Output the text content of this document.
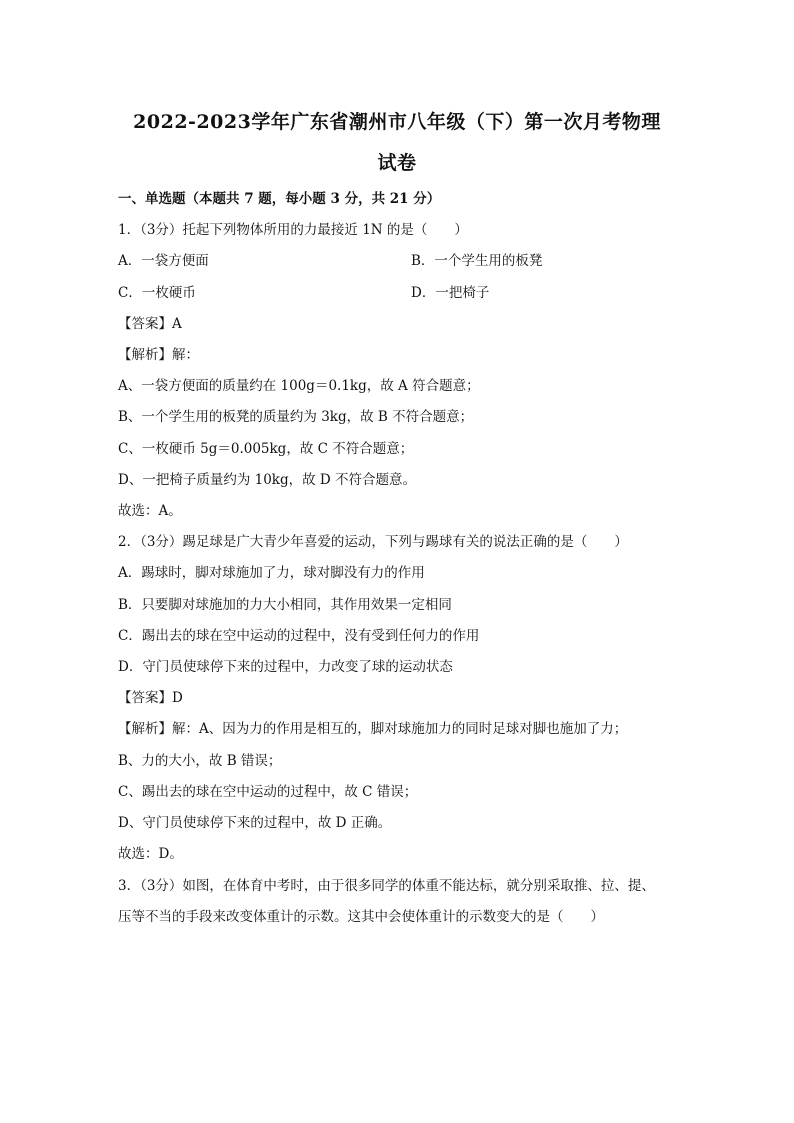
2022-2023学年广东省潮州市八年级（下）第一次月考物理
试卷
一、单选题（本题共 7 题，每小题 3 分，共 21 分）
1．（3分）托起下列物体所用的力最接近 1N 的是（　　）
A．一袋方便面	B．一个学生用的板凳
C．一枚硬币	D．一把椅子
【答案】A
【解析】解：
A、一袋方便面的质量约在 100g＝0.1kg，故 A 符合题意；
B、一个学生用的板凳的质量约为 3kg，故 B 不符合题意；
C、一枚硬币 5g＝0.005kg，故 C 不符合题意；
D、一把椅子质量约为 10kg，故 D 不符合题意。
故选：A。
2．（3分）踢足球是广大青少年喜爱的运动，下列与踢球有关的说法正确的是（　　）
A．踢球时，脚对球施加了力，球对脚没有力的作用
B．只要脚对球施加的力大小相同，其作用效果一定相同
C．踢出去的球在空中运动的过程中，没有受到任何力的作用
D．守门员使球停下来的过程中，力改变了球的运动状态
【答案】D
【解析】解：A、因为力的作用是相互的，脚对球施加力的同时足球对脚也施加了力；
B、力的大小，故 B 错误；
C、踢出去的球在空中运动的过程中，故 C 错误；
D、守门员使球停下来的过程中，故 D 正确。
故选：D。
3．（3分）如图，在体育中考时，由于很多同学的体重不能达标，就分别采取推、拉、提、
压等不当的手段来改变体重计的示数。这其中会使体重计的示数变大的是（　　）
